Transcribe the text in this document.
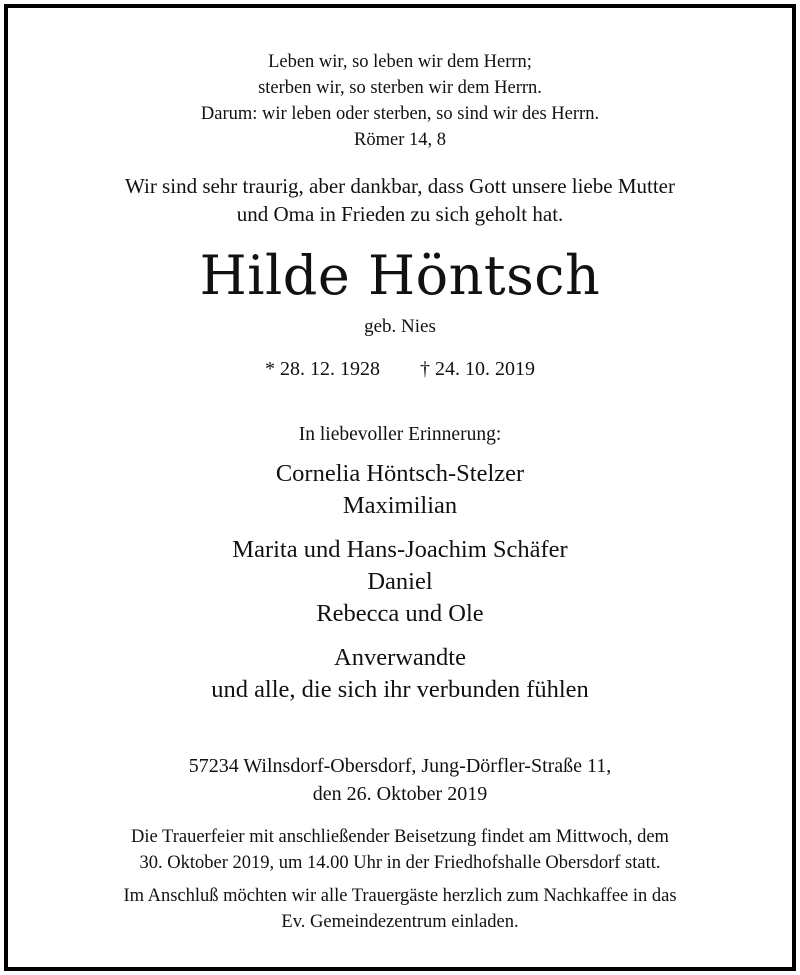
Leben wir, so leben wir dem Herrn;
sterben wir, so sterben wir dem Herrn.
Darum: wir leben oder sterben, so sind wir des Herrn.
Römer 14, 8
Wir sind sehr traurig, aber dankbar, dass Gott unsere liebe Mutter
und Oma in Frieden zu sich geholt hat.
Hilde Höntsch
geb. Nies
* 28. 12. 1928 † 24. 10. 2019
In liebevoller Erinnerung:
Cornelia Höntsch-Stelzer
Maximilian
Marita und Hans-Joachim Schäfer
Daniel
Rebecca und Ole
Anverwandte
und alle, die sich ihr verbunden fühlen
57234 Wilnsdorf-Obersdorf, Jung-Dörfler-Straße 11,
den 26. Oktober 2019
Die Trauerfeier mit anschließender Beisetzung findet am Mittwoch, dem
30. Oktober 2019, um 14.00 Uhr in der Friedhofshalle Obersdorf statt.
Im Anschluß möchten wir alle Trauergäste herzlich zum Nachkaffee in das
Ev. Gemeindezentrum einladen.
